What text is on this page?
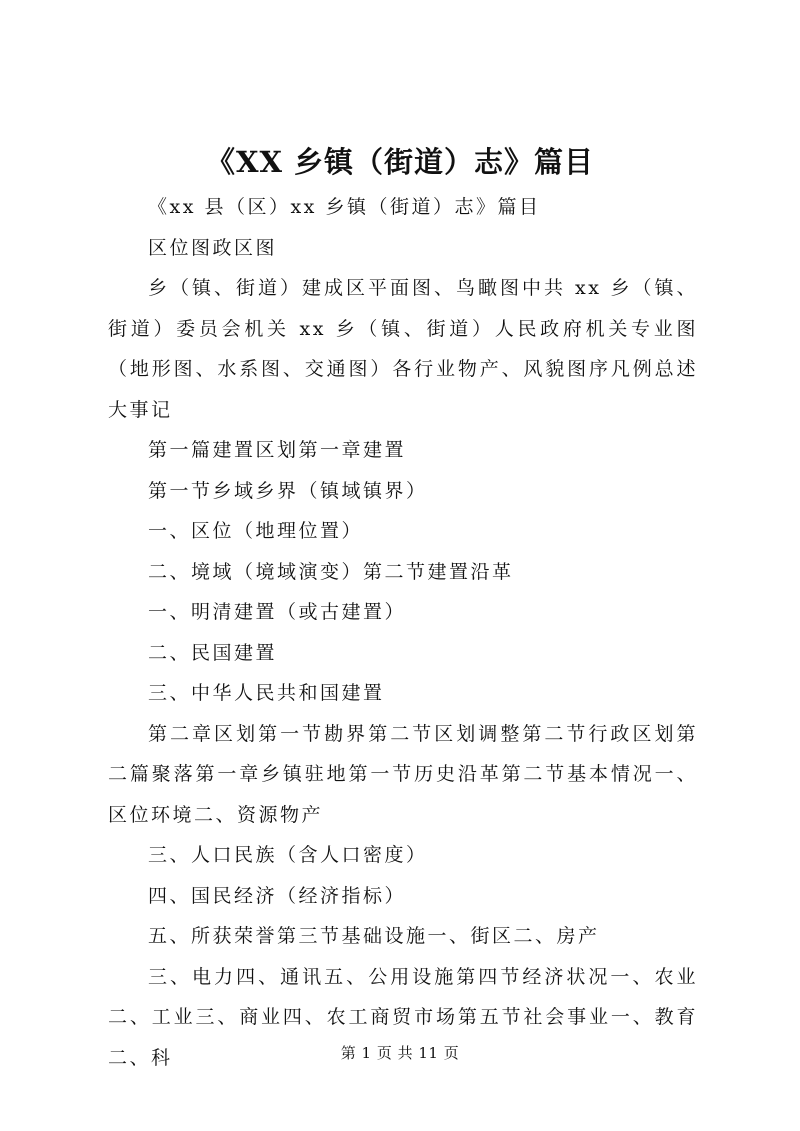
《XX 乡镇（街道）志》篇目

《xx 县（区）xx 乡镇（街道）志》篇目

区位图政区图

乡（镇、街道）建成区平面图、鸟瞰图中共 xx 乡（镇、街道）委员会机关 xx 乡（镇、街道）人民政府机关专业图（地形图、水系图、交通图）各行业物产、风貌图序凡例总述大事记

第一篇建置区划第一章建置

第一节乡域乡界（镇域镇界）

一、区位（地理位置）

二、境域（境域演变）第二节建置沿革

一、明清建置（或古建置）

二、民国建置

三、中华人民共和国建置

第二章区划第一节勘界第二节区划调整第二节行政区划第二篇聚落第一章乡镇驻地第一节历史沿革第二节基本情况一、区位环境二、资源物产

三、人口民族（含人口密度）

四、国民经济（经济指标）

五、所获荣誉第三节基础设施一、街区二、房产

三、电力四、通讯五、公用设施第四节经济状况一、农业二、工业三、商业四、农工商贸市场第五节社会事业一、教育二、科	第 1 页 共 11 页
